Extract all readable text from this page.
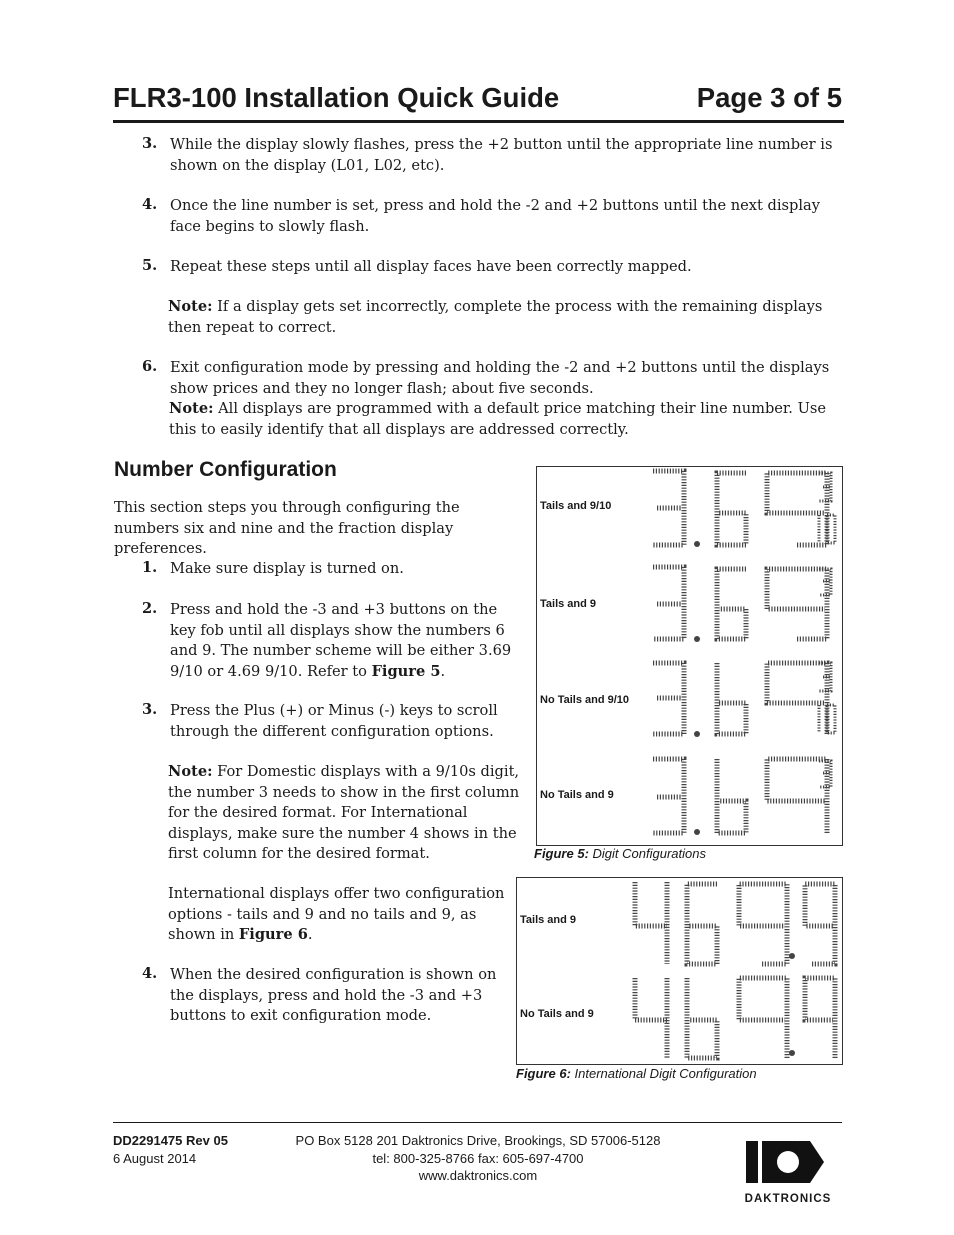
FLR3-100 Installation Quick Guide	Page 3 of 5
3. While the display slowly flashes, press the +2 button until the appropriate line number is shown on the display (L01, L02, etc).
4. Once the line number is set, press and hold the -2 and +2 buttons until the next display face begins to slowly flash.
5. Repeat these steps until all display faces have been correctly mapped.
Note: If a display gets set incorrectly, complete the process with the remaining displays then repeat to correct.
6. Exit configuration mode by pressing and holding the -2 and +2 buttons until the displays show prices and they no longer flash; about five seconds.
Note: All displays are programmed with a default price matching their line number. Use this to easily identify that all displays are addressed correctly.
Number Configuration
This section steps you through configuring the numbers six and nine and the fraction display preferences.
1. Make sure display is turned on.
2. Press and hold the -3 and +3 buttons on the key fob until all displays show the numbers 6 and 9. The number scheme will be either 3.69 9/10 or 4.69 9/10. Refer to Figure 5.
3. Press the Plus (+) or Minus (-) keys to scroll through the different configuration options.
Note: For Domestic displays with a 9/10s digit, the number 3 needs to show in the first column for the desired format. For International displays, make sure the number 4 shows in the first column for the desired format.
International displays offer two configuration options - tails and 9 and no tails and 9, as shown in Figure 6.
4. When the desired configuration is shown on the displays, press and hold the -3 and +3 buttons to exit configuration mode.
Tails and 9/10
Tails and 9
No Tails and 9/10
No Tails and 9
Figure 5: Digit Configurations
Tails and 9
No Tails and 9
Figure 6: International Digit Configuration
DD2291475 Rev 05
6 August 2014
PO Box 5128 201 Daktronics Drive, Brookings, SD 57006-5128
tel: 800-325-8766 fax: 605-697-4700
www.daktronics.com
DAKTRONICS
